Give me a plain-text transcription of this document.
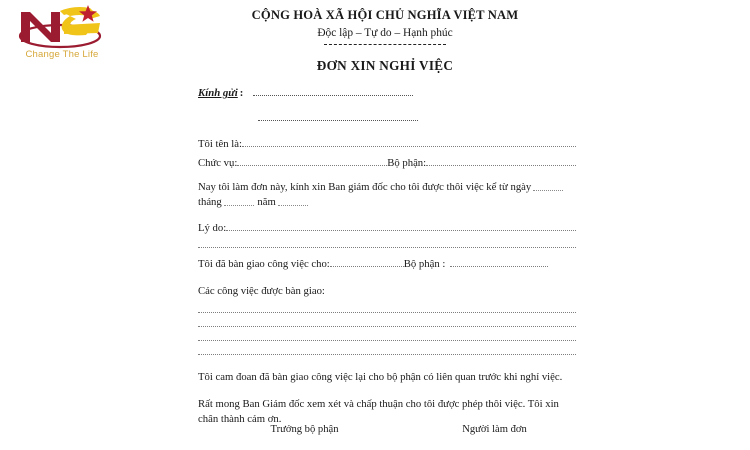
Change The Life
CỘNG HOÀ XÃ HỘI CHỦ NGHĨA VIỆT NAM
Độc lập – Tự do – Hạnh phúc
ĐƠN XIN NGHỈ VIỆC
Kính gửi :
Tôi tên là:
Chức vụ:	Bộ phận:
Nay tôi làm đơn này, kính xin Ban giám đốc cho tôi được thôi việc kể từ ngày tháng	năm
Lý do:
Tôi đã bàn giao công việc cho:	Bộ phận :
Các công việc được bàn giao:
Tôi cam đoan đã bàn giao công việc lại cho bộ phận có liên quan trước khi nghỉ việc.
Rất mong Ban Giám đốc xem xét và chấp thuận cho tôi được phép thôi việc. Tôi xin chân thành cảm ơn.
Trưởng bộ phận	Người làm đơn
